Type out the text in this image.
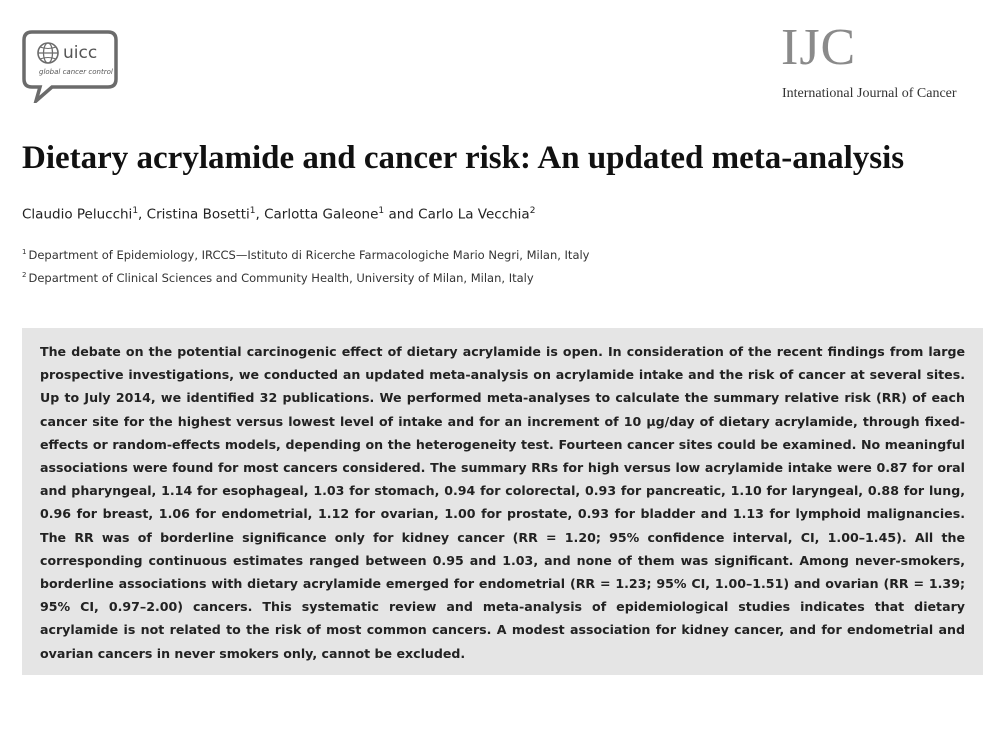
uicc
global cancer control	IJC
International Journal of Cancer
Dietary acrylamide and cancer risk: An updated meta-analysis
Claudio Pelucchi$^1$, Cristina Bosetti$^1$, Carlotta Galeone$^1$ and Carlo La Vecchia$^2$
$^1$ Department of Epidemiology, IRCCS—Istituto di Ricerche Farmacologiche Mario Negri, Milan, Italy
$^2$ Department of Clinical Sciences and Community Health, University of Milan, Milan, Italy

The debate on the potential carcinogenic effect of dietary acrylamide is open. In consideration of the recent findings from large prospective investigations, we conducted an updated meta-analysis on acrylamide intake and the risk of cancer at several sites. Up to July 2014, we identified 32 publications. We performed meta-analyses to calculate the summary relative risk (RR) of each cancer site for the highest versus lowest level of intake and for an increment of 10 μg/day of dietary acrylamide, through fixed-effects or random-effects models, depending on the heterogeneity test. Fourteen cancer sites could be examined. No meaningful associations were found for most cancers considered. The summary RRs for high versus low acrylamide intake were 0.87 for oral and pharyngeal, 1.14 for esophageal, 1.03 for stomach, 0.94 for colorectal, 0.93 for pancreatic, 1.10 for laryngeal, 0.88 for lung, 0.96 for breast, 1.06 for endometrial, 1.12 for ovarian, 1.00 for prostate, 0.93 for bladder and 1.13 for lymphoid malignancies. The RR was of borderline significance only for kidney cancer (RR = 1.20; 95% confidence interval, CI, 1.00–1.45). All the corresponding continuous estimates ranged between 0.95 and 1.03, and none of them was significant. Among never-smokers, borderline associations with dietary acrylamide emerged for endometrial (RR = 1.23; 95% CI, 1.00–1.51) and ovarian (RR = 1.39; 95% CI, 0.97–2.00) cancers. This systematic review and meta-analysis of epidemiological studies indicates that dietary acrylamide is not related to the risk of most common cancers. A modest association for kidney cancer, and for endometrial and ovarian cancers in never smokers only, cannot be excluded.
